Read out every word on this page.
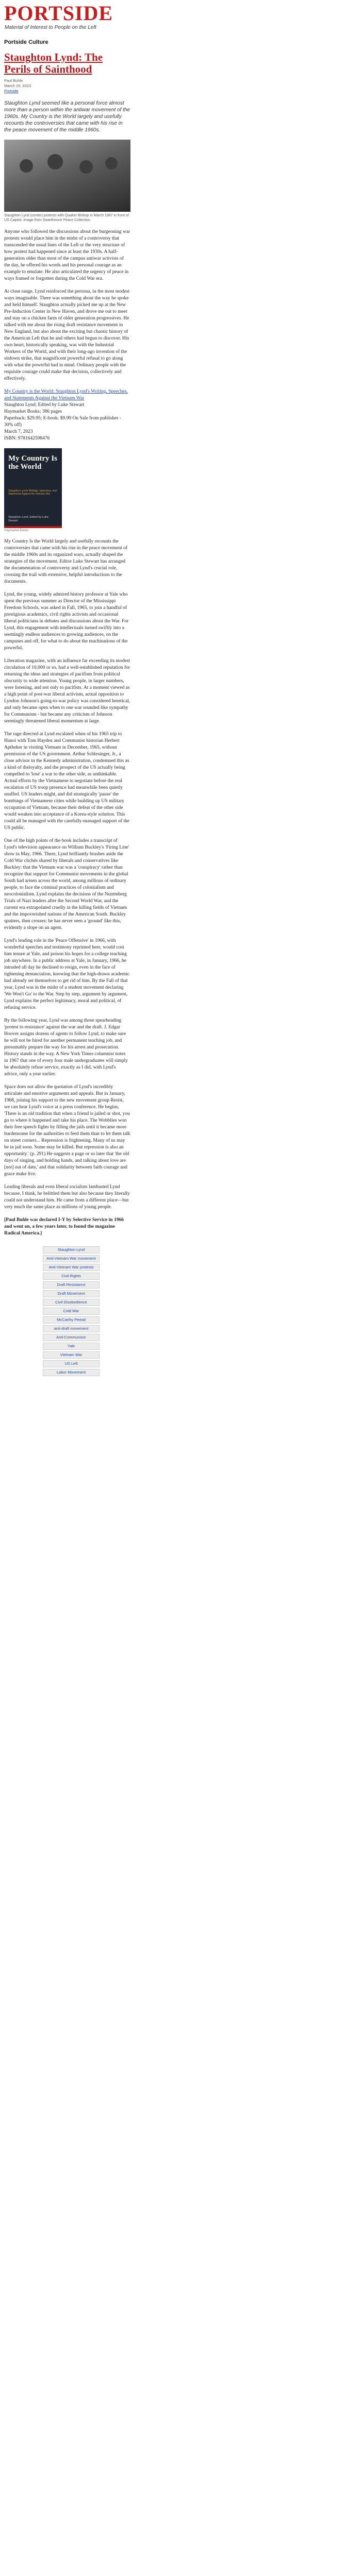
PORTSIDE
Material of Interest to People on the Left
Portside Culture
Staughton Lynd: The Perils of Sainthood
Paul Buhle
March 26, 2023
Portside
Staughton Lynd seemed like a personal force almost more than a person within the antiwar movement of the 1960s. My Country is the World largely and usefully recounts the controversies that came with his rise in the peace movement of the middle 1960s.
Staughton Lynd (center) protests with Quaker Bishop in March 1967 in front of US Capitol. Image from Swarthmore Peace Collection.

Anyone who followed the discussions about the burgeoning war protests would place him in the midst of a controversy that transcended the usual lines of the Left or the very structure of how protest had happened since at least the 1930s. A half-generation older than most of the campus antiwar activists of the day, he offered his words and his personal courage as an example to emulate. He also articulated the urgency of peace in ways framed or forgotten during the Cold War era.

At close range, Lynd reinforced the persona, in the most modest ways imaginable. There was something about the way he spoke and held himself. Staughton actually picked me up at the New Pre-Induction Center in New Haven, and drove me out to meet and stay on a chicken farm of older generation progressives. He talked with me about the rising draft resistance movement in New England, but also about the exciting but chaotic history of the American Left that he and others had begun to discover. His own heart, historically speaking, was with the Industrial Workers of the World, and with their long-ago invention of the sitdown strike, that magnificent powerful refusal to go along with what the powerful had in mind. Ordinary people with the requisite courage could make that decision, collectively and effectively.

My Country is the World: Staughton Lynd's Writing, Speeches, and Statements Against the Vietnam War
Staughton Lynd; Edited by Luke Stewart
Haymarket Books; 386 pages
Paperback: $29.95; E-book: $9.99 On Sale from publisher - 30% off)
March 7, 2023
ISBN: 9781642598476
My Country Is the World
Staughton Lynd's Writings, Speeches, and Statements Against the Vietnam War
Staughton Lynd, Edited by Luke Stewart
Haymarket Books

My Country Is the World largely and usefully recounts the controversies that came with his rise in the peace movement of the middle 1960s and its organized wars, actually shaped the strategies of the movement. Editor Luke Stewart has arranged the documentation of controversy and Lynd's crucial role, crossing the trail with extensive, helpful introductions to the documents.

Lynd, the young, widely admired history professor at Yale who spent the previous summer as Director of the Mississippi Freedom Schools, was asked in Fall, 1965, to join a handful of prestigious academics, civil rights activists and occasional liberal politicians in debates and discussions about the War. For Lynd, this engagement with intellectuals turned swiftly into a seemingly endless audiences to growing audiences, on the campuses and off, for what to do about the machinations of the powerful.

Liberation magazine, with an influence far exceeding its modest circulation of 10,000 or so, had a well-established reputation for returning the ideas and strategies of pacifism from political obscurity to wide attention. Young people, in larger numbers, were listening, and not only to pacifists. At a moment viewed as a high point of post-war liberal activism, actual opposition to Lyndon Johnson's going-to-war policy was considered heretical, and only became open when to one war sounded like sympathy for Communism - but became any criticism of Johnson seemingly threatened liberal momentum at large.

The rage directed at Lynd escalated when of his 1965 trip to Hanoi with Tom Hayden and Communist historian Herbert Aptheker in visiting Vietnam in December, 1965, without permission of the US government. Arthur Schlesinger, Jr., a close advisor in the Kennedy administration, condemned this as a kind of disloyalty, and the prospect of the US actually being compelled to 'lose' a war to the other side, as unthinkable. Actual efforts by the Vietnamese to negotiate before the real escalation of US troop presence had meanwhile been quietly snuffed. US leaders might, and did strategically 'pause' the bombings of Vietnamese cities while building up US military occupation of Vietnam, because their defeat of the other side would weaken into acceptance of a Korea-style solution. This could all be managed with the carefully-managed support of the US public.

One of the high points of the book includes a transcript of Lynd's television appearance on William Buckley's 'Firing Line' show in May, 1966. There, Lynd brilliantly brushes aside the Cold War clichés shared by liberals and conservatives like Buckley: that the Vietnam war was a 'conspiracy' rather than recognize that support for Communist movements in the global South had arisen across the world, among millions of ordinary people, to face the criminal practices of colonialism and neocolonialism. Lynd explains the decisions of the Nuremberg Trials of Nazi leaders after the Second World War, and the current era extrapolated cruelly in the killing fields of Vietnam and the impoverished nations of the American South. Buckley sputters, then crosses: he has never seen a 'ground' like this, evidently a slope on an agent.

Lynd's leading role in the 'Peace Offensive' in 1966, with wonderful speeches and testimony reprinted here, would cost him tenure at Yale, and poison his hopes for a college teaching job anywhere. In a public address at Yale, in January, 1966, he intruded all day he declined to resign, even in the face of tightening denunciation, knowing that the high-drawn academic had already set themselves to get rid of him. By the Fall of that year, Lynd was in the midst of a student movement declaring 'We Won't Go' to the War. Step by step, argument by argument, Lynd explains the perfect legitimacy, moral and political, of refusing service.

By the following year, Lynd was among those spearheading 'protest to resistance' against the war and the draft. J. Edgar Hoover assigns dozens of agents to follow Lynd, to make sure he will not be hired for another permanent teaching job, and presumably prepare the way for his arrest and prosecution. History stands in the way. A New York Times columnist notes in 1967 that one of every four male undergraduates will simply be absolutely refuse service, exactly as I did, with Lynd's advice, only a year earlier.

Space does not allow the quotation of Lynd's incredibly articulate and emotive arguments and appeals. But in January, 1968, joining his support to the new movement group Resist, we can hear Lynd's voice at a press conference. He begins, 'There is an old tradition that when a friend is jailed or shot, you go to where it happened and take his place. The Wobblies won their free speech fights by filling the jails until it became more burdensome for the authorities to feed them than to let them talk on street corners... Repression is frightening. Many of us may be in jail soon. Some may be killed. But repression is also an opportunity.' (p. 291) He suggests a page or so later that 'the old days of singing, and holding hands, and talking about love are [not] out of date,' and that solidarity between faith courage and grace make live.

Leading liberals and even liberal socialists lambasted Lynd because, I think, he belittled them but also because they literally could not understand him. He came from a different place—but very much the same place as millions of young people.

[Paul Buhle was declared I-Y by Selective Service in 1966 and went on, a few years later, to found the magazine Radical America.]

Staughton Lynd
Anti-Vietnam War movement
Anti-Vietnam War protests
Civil Rights
Draft Resistance
Draft Movement
Civil Disobedience
Cold War
McCarthy Period
anti-draft movement
Anti-Communism
Yale
Vietnam War
US Left
Labor Movement
